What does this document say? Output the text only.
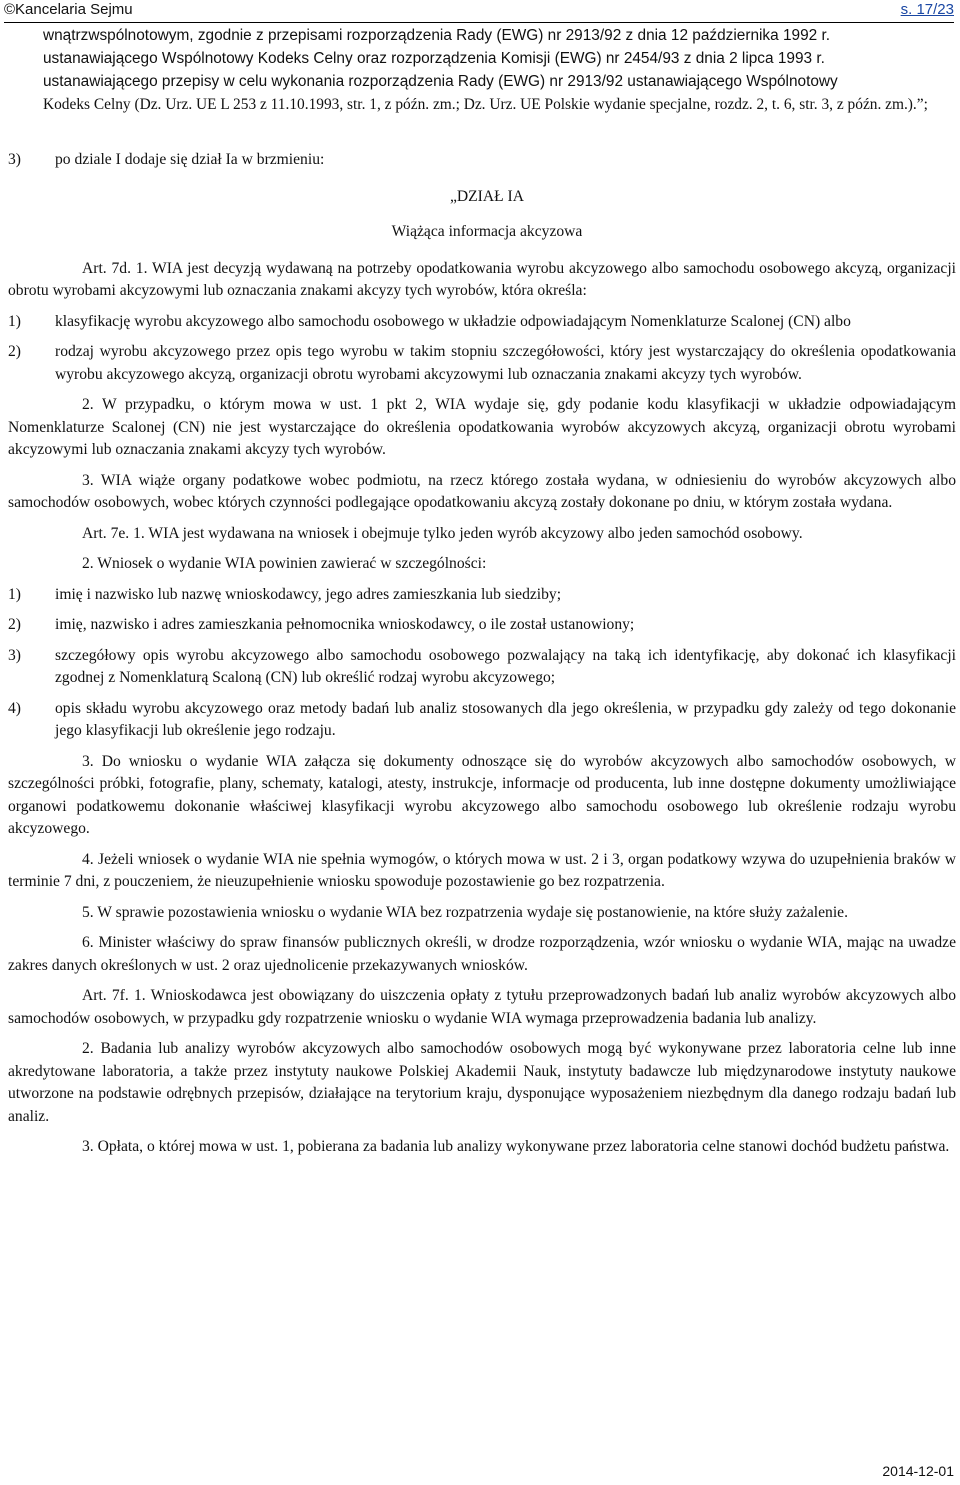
©Kancelaria Sejmu	s. 17/23
wnątrzwspólnotowym, zgodnie z przepisami rozporządzenia Rady (EWG) nr 2913/92 z dnia 12 października 1992 r.
ustanawiającego Wspólnotowy Kodeks Celny oraz rozporządzenia Komisji (EWG) nr 2454/93 z dnia 2 lipca 1993 r.
ustanawiającego przepisy w celu wykonania rozporządzenia Rady (EWG) nr 2913/92 ustanawiającego Wspólnotowy
Kodeks Celny (Dz. Urz. UE L 253 z 11.10.1993, str. 1, z późn. zm.; Dz. Urz. UE Polskie wydanie specjalne, rozdz. 2, t. 6, str. 3, z późn. zm.).”;
3) po dziale I dodaje się dział Ia w brzmieniu:

„DZIAŁ IA

Wiążąca informacja akcyzowa

Art. 7d. 1. WIA jest decyzją wydawaną na potrzeby opodatkowania wyrobu akcyzowego albo samochodu osobowego akcyzą, organizacji obrotu wyrobami akcyzowymi lub oznaczania znakami akcyzy tych wyrobów, która określa:

1) klasyfikację wyrobu akcyzowego albo samochodu osobowego w układzie odpowiadającym Nomenklaturze Scalonej (CN) albo
2) rodzaj wyrobu akcyzowego przez opis tego wyrobu w takim stopniu szczegółowości, który jest wystarczający do określenia opodatkowania wyrobu akcyzowego akcyzą, organizacji obrotu wyrobami akcyzowymi lub oznaczania znakami akcyzy tych wyrobów.

2. W przypadku, o którym mowa w ust. 1 pkt 2, WIA wydaje się, gdy podanie kodu klasyfikacji w układzie odpowiadającym Nomenklaturze Scalonej (CN) nie jest wystarczające do określenia opodatkowania wyrobów akcyzowych akcyzą, organizacji obrotu wyrobami akcyzowymi lub oznaczania znakami akcyzy tych wyrobów.

3. WIA wiąże organy podatkowe wobec podmiotu, na rzecz którego została wydana, w odniesieniu do wyrobów akcyzowych albo samochodów osobowych, wobec których czynności podlegające opodatkowaniu akcyzą zostały dokonane po dniu, w którym została wydana.

Art. 7e. 1. WIA jest wydawana na wniosek i obejmuje tylko jeden wyrób akcyzowy albo jeden samochód osobowy.

2. Wniosek o wydanie WIA powinien zawierać w szczególności:

1) imię i nazwisko lub nazwę wnioskodawcy, jego adres zamieszkania lub siedziby;
2) imię, nazwisko i adres zamieszkania pełnomocnika wnioskodawcy, o ile został ustanowiony;
3) szczegółowy opis wyrobu akcyzowego albo samochodu osobowego pozwalający na taką ich identyfikację, aby dokonać ich klasyfikacji zgodnej z Nomenklaturą Scaloną (CN) lub określić rodzaj wyrobu akcyzowego;
4) opis składu wyrobu akcyzowego oraz metody badań lub analiz stosowanych dla jego określenia, w przypadku gdy zależy od tego dokonanie jego klasyfikacji lub określenie jego rodzaju.

3. Do wniosku o wydanie WIA załącza się dokumenty odnoszące się do wyrobów akcyzowych albo samochodów osobowych, w szczególności próbki, fotografie, plany, schematy, katalogi, atesty, instrukcje, informacje od producenta, lub inne dostępne dokumenty umożliwiające organowi podatkowemu dokonanie właściwej klasyfikacji wyrobu akcyzowego albo samochodu osobowego lub określenie rodzaju wyrobu akcyzowego.

4. Jeżeli wniosek o wydanie WIA nie spełnia wymogów, o których mowa w ust. 2 i 3, organ podatkowy wzywa do uzupełnienia braków w terminie 7 dni, z pouczeniem, że nieuzupełnienie wniosku spowoduje pozostawienie go bez rozpatrzenia.

5. W sprawie pozostawienia wniosku o wydanie WIA bez rozpatrzenia wydaje się postanowienie, na które służy zażalenie.

6. Minister właściwy do spraw finansów publicznych określi, w drodze rozporządzenia, wzór wniosku o wydanie WIA, mając na uwadze zakres danych określonych w ust. 2 oraz ujednolicenie przekazywanych wniosków.

Art. 7f. 1. Wnioskodawca jest obowiązany do uiszczenia opłaty z tytułu przeprowadzonych badań lub analiz wyrobów akcyzowych albo samochodów osobowych, w przypadku gdy rozpatrzenie wniosku o wydanie WIA wymaga przeprowadzenia badania lub analizy.

2. Badania lub analizy wyrobów akcyzowych albo samochodów osobowych mogą być wykonywane przez laboratoria celne lub inne akredytowane laboratoria, a także przez instytuty naukowe Polskiej Akademii Nauk, instytuty badawcze lub międzynarodowe instytuty naukowe utworzone na podstawie odrębnych przepisów, działające na terytorium kraju, dysponujące wyposażeniem niezbędnym dla danego rodzaju badań lub analiz.

3. Opłata, o której mowa w ust. 1, pobierana za badania lub analizy wykonywane przez laboratoria celne stanowi dochód budżetu państwa.

2014-12-01
